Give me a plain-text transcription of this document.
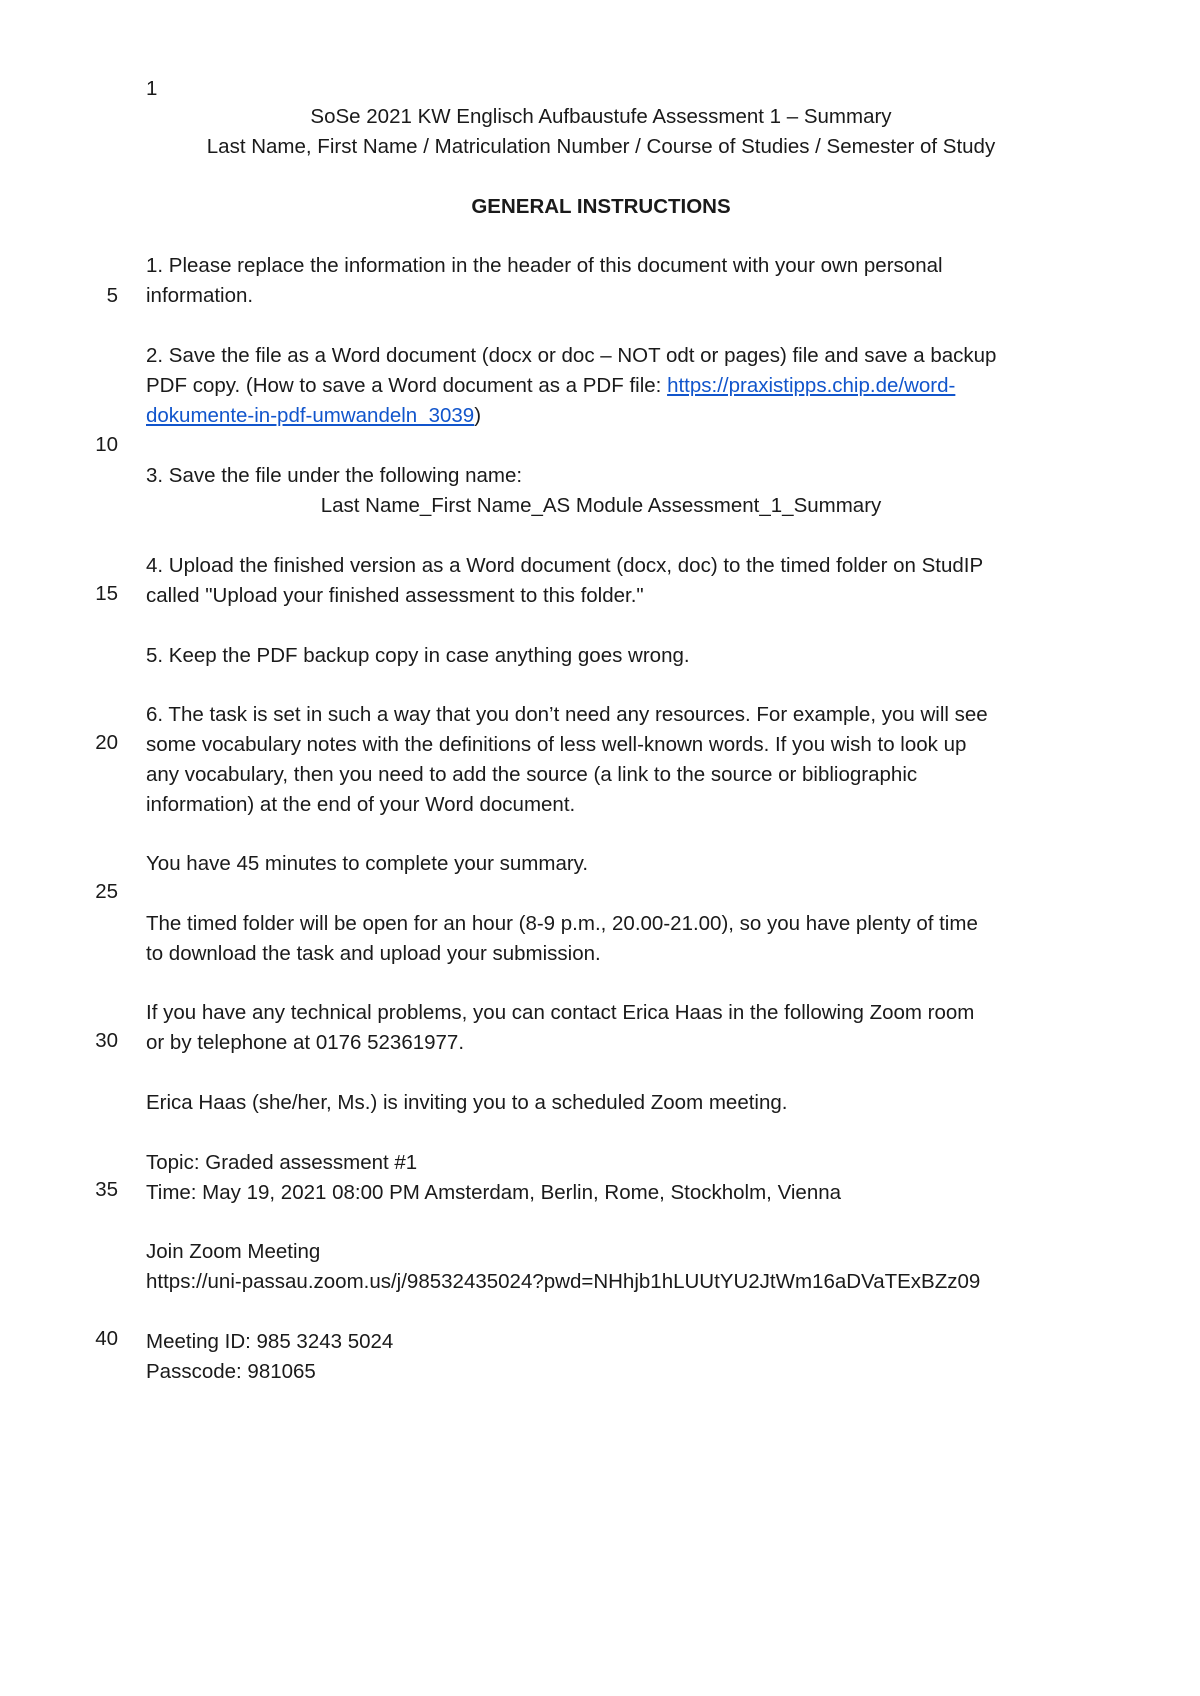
1
SoSe 2021 KW Englisch Aufbaustufe Assessment 1 – Summary
Last Name, First Name / Matriculation Number / Course of Studies / Semester of Study
GENERAL INSTRUCTIONS
5
10
15
20
25
30
35
40
1. Please replace the information in the header of this document with your own personal
information.
2. Save the file as a Word document (docx or doc – NOT odt or pages) file and save a backup
PDF copy. (How to save a Word document as a PDF file: https://praxistipps.chip.de/word-
dokumente-in-pdf-umwandeln_3039)
3. Save the file under the following name:
Last Name_First Name_AS Module Assessment_1_Summary
4. Upload the finished version as a Word document (docx, doc) to the timed folder on StudIP
called "Upload your finished assessment to this folder."
5. Keep the PDF backup copy in case anything goes wrong.
6. The task is set in such a way that you don’t need any resources. For example, you will see
some vocabulary notes with the definitions of less well-known words. If you wish to look up
any vocabulary, then you need to add the source (a link to the source or bibliographic
information) at the end of your Word document.
You have 45 minutes to complete your summary.
The timed folder will be open for an hour (8-9 p.m., 20.00-21.00), so you have plenty of time
to download the task and upload your submission.
If you have any technical problems, you can contact Erica Haas in the following Zoom room
or by telephone at 0176 52361977.
Erica Haas (she/her, Ms.) is inviting you to a scheduled Zoom meeting.
Topic: Graded assessment #1
Time: May 19, 2021 08:00 PM Amsterdam, Berlin, Rome, Stockholm, Vienna
Join Zoom Meeting
https://uni-passau.zoom.us/j/98532435024?pwd=NHhjb1hLUUtYU2JtWm16aDVaTExBZz09
Meeting ID: 985 3243 5024
Passcode: 981065
